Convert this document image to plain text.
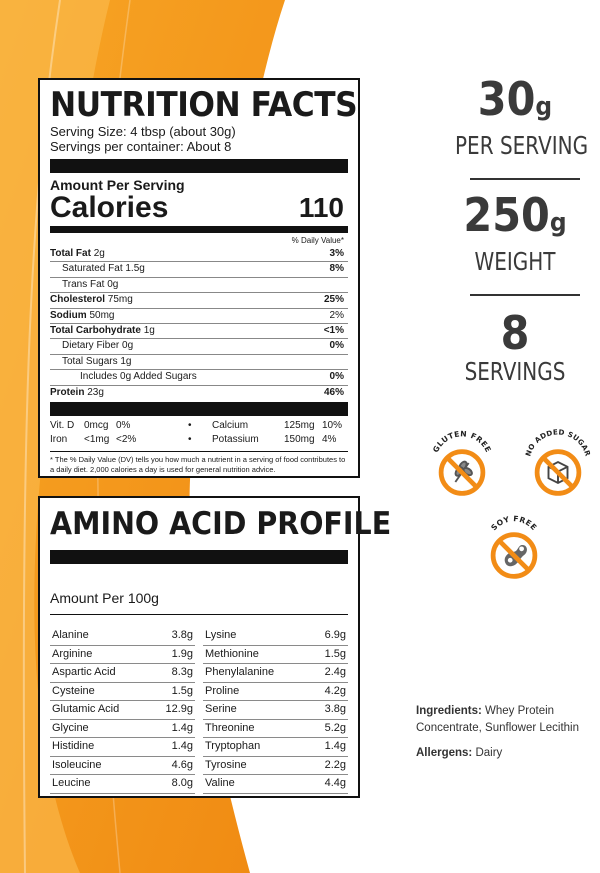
NUTRITION FACTS
Serving Size: 4 tbsp (about 30g)
Servings per container: About 8
Amount Per Serving
Calories	110
% Daily Value*
Total Fat 2g	3%
Saturated Fat 1.5g	8%
Trans Fat 0g
Cholesterol 75mg	25%
Sodium 50mg	2%
Total Carbohydrate 1g	<1%
Dietary Fiber 0g	0%
Total Sugars 1g
Includes 0g Added Sugars	0%
Protein 23g	46%
Vit. D 0mcg 0%	•	Calcium	125mg 10%
Iron	<1mg <2%	•	Potassium	150mg 4%
* The % Daily Value (DV) tells you how much a nutrient in a serving of food contributes to a daily diet. 2,000 calories a day is used for general nutrition advice.
AMINO ACID PROFILE
Amount Per 100g
Alanine	3.8g
Arginine	1.9g
Aspartic Acid	8.3g
Cysteine	1.5g
Glutamic Acid	12.9g
Glycine	1.4g
Histidine	1.4g
Isoleucine	4.6g
Leucine	8.0g
Lysine	6.9g
Methionine	1.5g
Phenylalanine	2.4g
Proline	4.2g
Serine	3.8g
Threonine	5.2g
Tryptophan	1.4g
Tyrosine	2.2g
Valine	4.4g
30g
PER SERVING
250g
WEIGHT
8
SERVINGS
GLUTEN FREE	NO ADDED SUGAR
SOY FREE
Ingredients: Whey Protein Concentrate, Sunflower Lecithin
Allergens: Dairy
